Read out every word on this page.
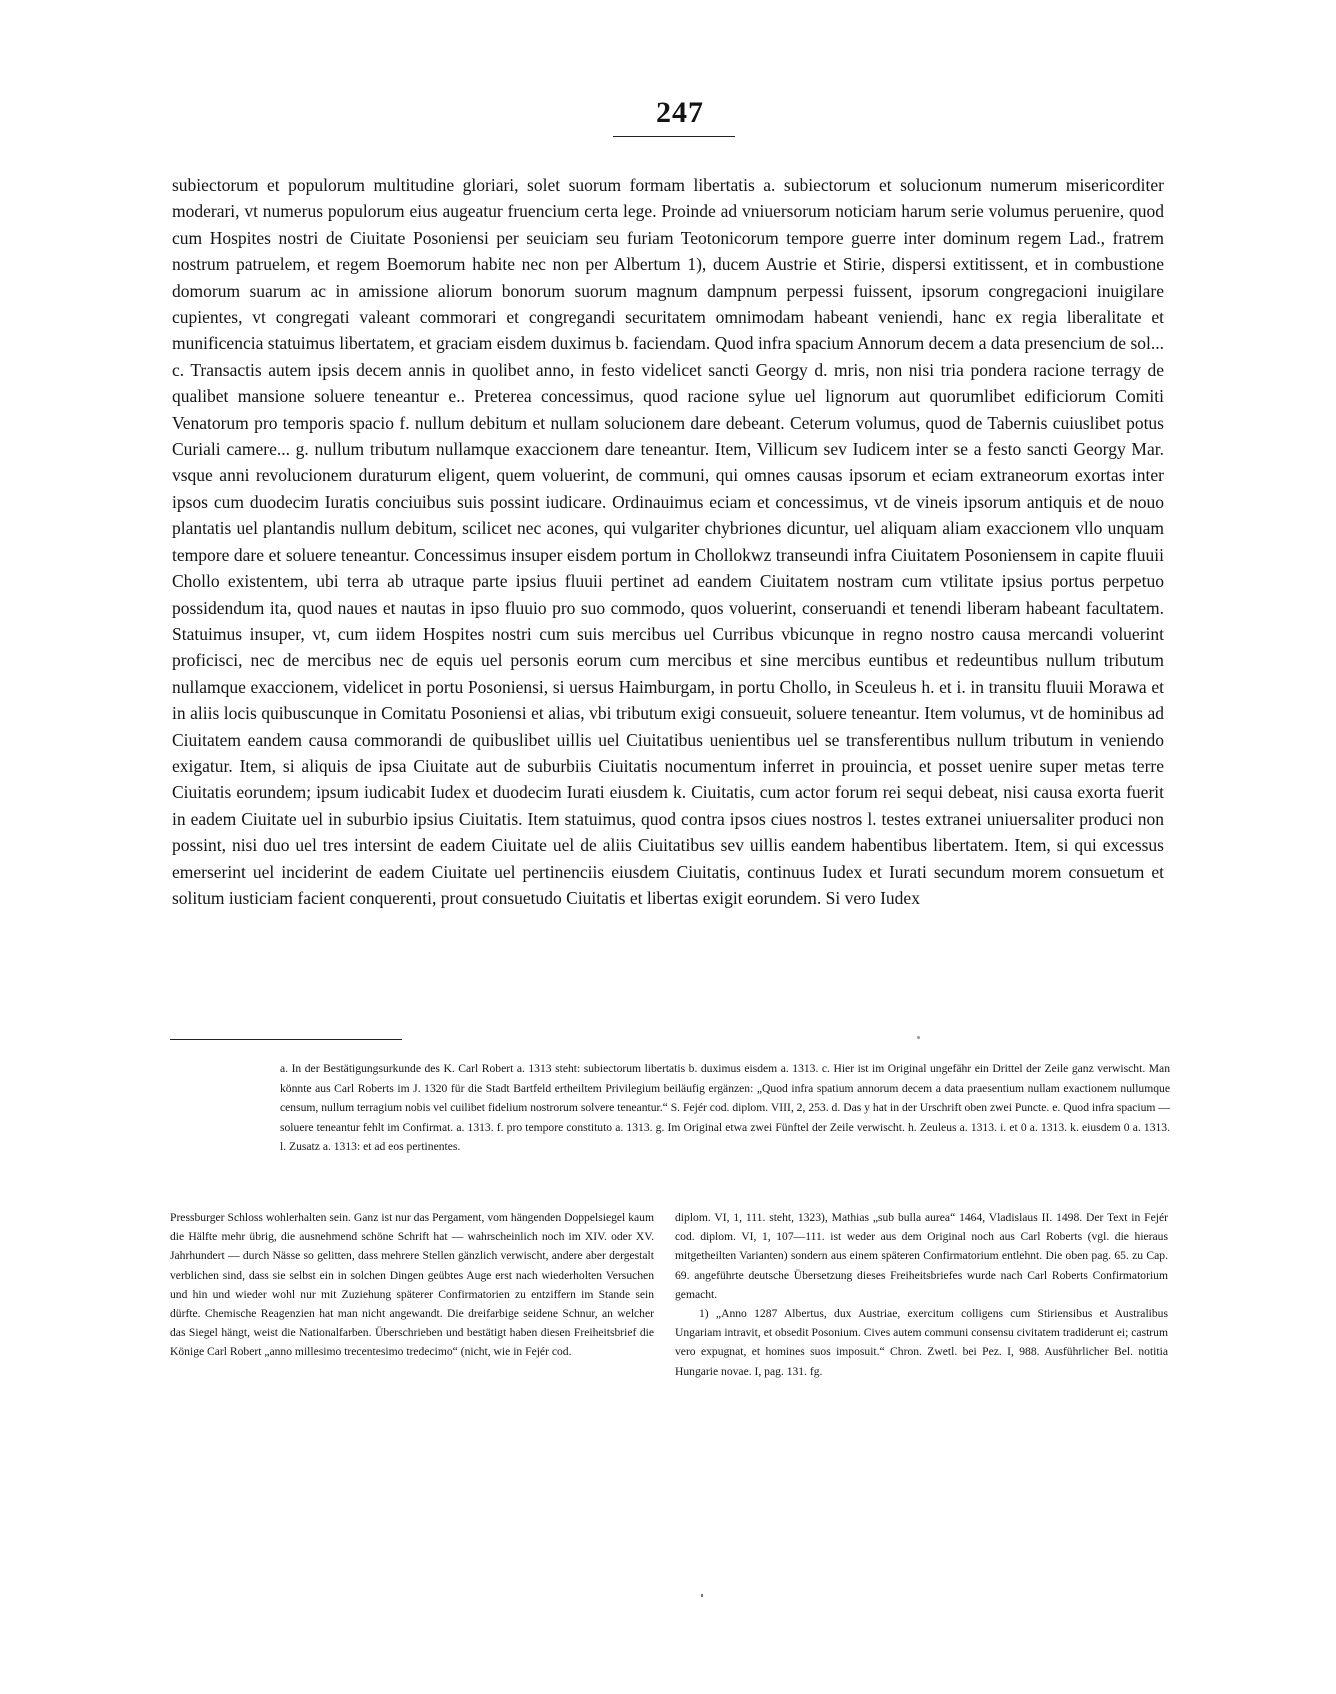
247

subiectorum et populorum multitudine gloriari, solet suorum formam libertatis a. subiectorum et solucionum numerum misericorditer moderari, vt numerus populorum eius augeatur fruencium certa lege. Proinde ad vniuersorum noticiam harum serie volumus peruenire, quod cum Hospites nostri de Ciuitate Posoniensi per seuiciam seu furiam Teotonicorum tempore guerre inter dominum regem Lad., fratrem nostrum patruelem, et regem Boemorum habite nec non per Albertum 1), ducem Austrie et Stirie, dispersi extitissent, et in combustione domorum suarum ac in amissione aliorum bonorum suorum magnum dampnum perpessi fuissent, ipsorum congregacioni inuigilare cupientes, vt congregati valeant commorari et congregandi securitatem omnimodam habeant veniendi, hanc ex regia liberalitate et munificencia statuimus libertatem, et graciam eisdem duximus b. faciendam. Quod infra spacium Annorum decem a data presencium de sol... c. Transactis autem ipsis decem annis in quolibet anno, in festo videlicet sancti Georgy d. mris, non nisi tria pondera racione terragy de qualibet mansione soluere teneantur e.. Preterea concessimus, quod racione sylue uel lignorum aut quorumlibet edificiorum Comiti Venatorum pro temporis spacio f. nullum debitum et nullam solucionem dare debeant. Ceterum volumus, quod de Tabernis cuiuslibet potus Curiali camere... g. nullum tributum nullamque exaccionem dare teneantur. Item, Villicum sev Iudicem inter se a festo sancti Georgy Mar. vsque anni revolucionem duraturum eligent, quem voluerint, de communi, qui omnes causas ipsorum et eciam extraneorum exortas inter ipsos cum duodecim Iuratis conciuibus suis possint iudicare. Ordinauimus eciam et concessimus, vt de vineis ipsorum antiquis et de nouo plantatis uel plantandis nullum debitum, scilicet nec acones, qui vulgariter chybriones dicuntur, uel aliquam aliam exaccionem vllo unquam tempore dare et soluere teneantur. Concessimus insuper eisdem portum in Chollokwz transeundi infra Ciuitatem Posoniensem in capite fluuii Chollo existentem, ubi terra ab utraque parte ipsius fluuii pertinet ad eandem Ciuitatem nostram cum vtilitate ipsius portus perpetuo possidendum ita, quod naues et nautas in ipso fluuio pro suo commodo, quos voluerint, conseruandi et tenendi liberam habeant facultatem. Statuimus insuper, vt, cum iidem Hospites nostri cum suis mercibus uel Curribus vbicunque in regno nostro causa mercandi voluerint proficisci, nec de mercibus nec de equis uel personis eorum cum mercibus et sine mercibus euntibus et redeuntibus nullum tributum nullamque exaccionem, videlicet in portu Posoniensi, si uersus Haimburgam, in portu Chollo, in Sceuleus h. et i. in transitu fluuii Morawa et in aliis locis quibuscunque in Comitatu Posoniensi et alias, vbi tributum exigi consueuit, soluere teneantur. Item volumus, vt de hominibus ad Ciuitatem eandem causa commorandi de quibuslibet uillis uel Ciuitatibus uenientibus uel se transferentibus nullum tributum in veniendo exigatur. Item, si aliquis de ipsa Ciuitate aut de suburbiis Ciuitatis nocumentum inferret in prouincia, et posset uenire super metas terre Ciuitatis eorundem; ipsum iudicabit Iudex et duodecim Iurati eiusdem k. Ciuitatis, cum actor forum rei sequi debeat, nisi causa exorta fuerit in eadem Ciuitate uel in suburbio ipsius Ciuitatis. Item statuimus, quod contra ipsos ciues nostros l. testes extranei uniuersaliter produci non possint, nisi duo uel tres intersint de eadem Ciuitate uel de aliis Ciuitatibus sev uillis eandem habentibus libertatem. Item, si qui excessus emerserint uel inciderint de eadem Ciuitate uel pertinenciis eiusdem Ciuitatis, continuus Iudex et Iurati secundum morem consuetum et solitum iusticiam facient conquerenti, prout consuetudo Ciuitatis et libertas exigit eorundem. Si vero Iudex

a. In der Bestätigungsurkunde des K. Carl Robert a. 1313 steht: subiectorum libertatis b. duximus eisdem a. 1313. c. Hier ist im Original ungefähr ein Drittel der Zeile ganz verwischt. Man könnte aus Carl Roberts im J. 1320 für die Stadt Bartfeld ertheiltem Privilegium beiläufig ergänzen: „Quod infra spatium annorum decem a data praesentium nullam exactionem nullumque censum, nullum terragium nobis vel cuilibet fidelium nostrorum solvere teneantur.“ S. Fejér cod. diplom. VIII, 2, 253. d. Das y hat in der Urschrift oben zwei Puncte. e. Quod infra spacium — soluere teneantur fehlt im Confirmat. a. 1313. f. pro tempore constituto a. 1313. g. Im Original etwa zwei Fünftel der Zeile verwischt. h. Zeuleus a. 1313. i. et 0 a. 1313. k. eiusdem 0 a. 1313. l. Zusatz a. 1313: et ad eos pertinentes.

Pressburger Schloss wohlerhalten sein. Ganz ist nur das Pergament, vom hängenden Doppelsiegel kaum die Hälfte mehr übrig, die ausnehmend schöne Schrift hat — wahrscheinlich noch im XIV. oder XV. Jahrhundert — durch Nässe so gelitten, dass mehrere Stellen gänzlich verwischt, andere aber dergestalt verblichen sind, dass sie selbst ein in solchen Dingen geübtes Auge erst nach wiederholten Versuchen und hin und wieder wohl nur mit Zuziehung späterer Confirmatorien zu entziffern im Stande sein dürfte. Chemische Reagenzien hat man nicht angewandt. Die dreifarbige seidene Schnur, an welcher das Siegel hängt, weist die Nationalfarben. Überschrieben und bestätigt haben diesen Freiheitsbrief die Könige Carl Robert „anno millesimo trecentesimo tredecimo“ (nicht, wie in Fejér cod.

diplom. VI, 1, 111. steht, 1323), Mathias „sub bulla aurea“ 1464, Vladislaus II. 1498. Der Text in Fejér cod. diplom. VI, 1, 107—111. ist weder aus dem Original noch aus Carl Roberts (vgl. die hieraus mitgetheilten Varianten) sondern aus einem späteren Confirmatorium entlehnt. Die oben pag. 65. zu Cap. 69. angeführte deutsche Übersetzung dieses Freiheitsbriefes wurde nach Carl Roberts Confirmatorium gemacht.

1) „Anno 1287 Albertus, dux Austriae, exercitum colligens cum Stiriensibus et Australibus Ungariam intravit, et obsedit Posonium. Cives autem communi consensu civitatem tradiderunt ei; castrum vero expugnat, et homines suos imposuit.“ Chron. Zwetl. bei Pez. I, 988. Ausführlicher Bel. notitia Hungarie novae. I, pag. 131. fg.
